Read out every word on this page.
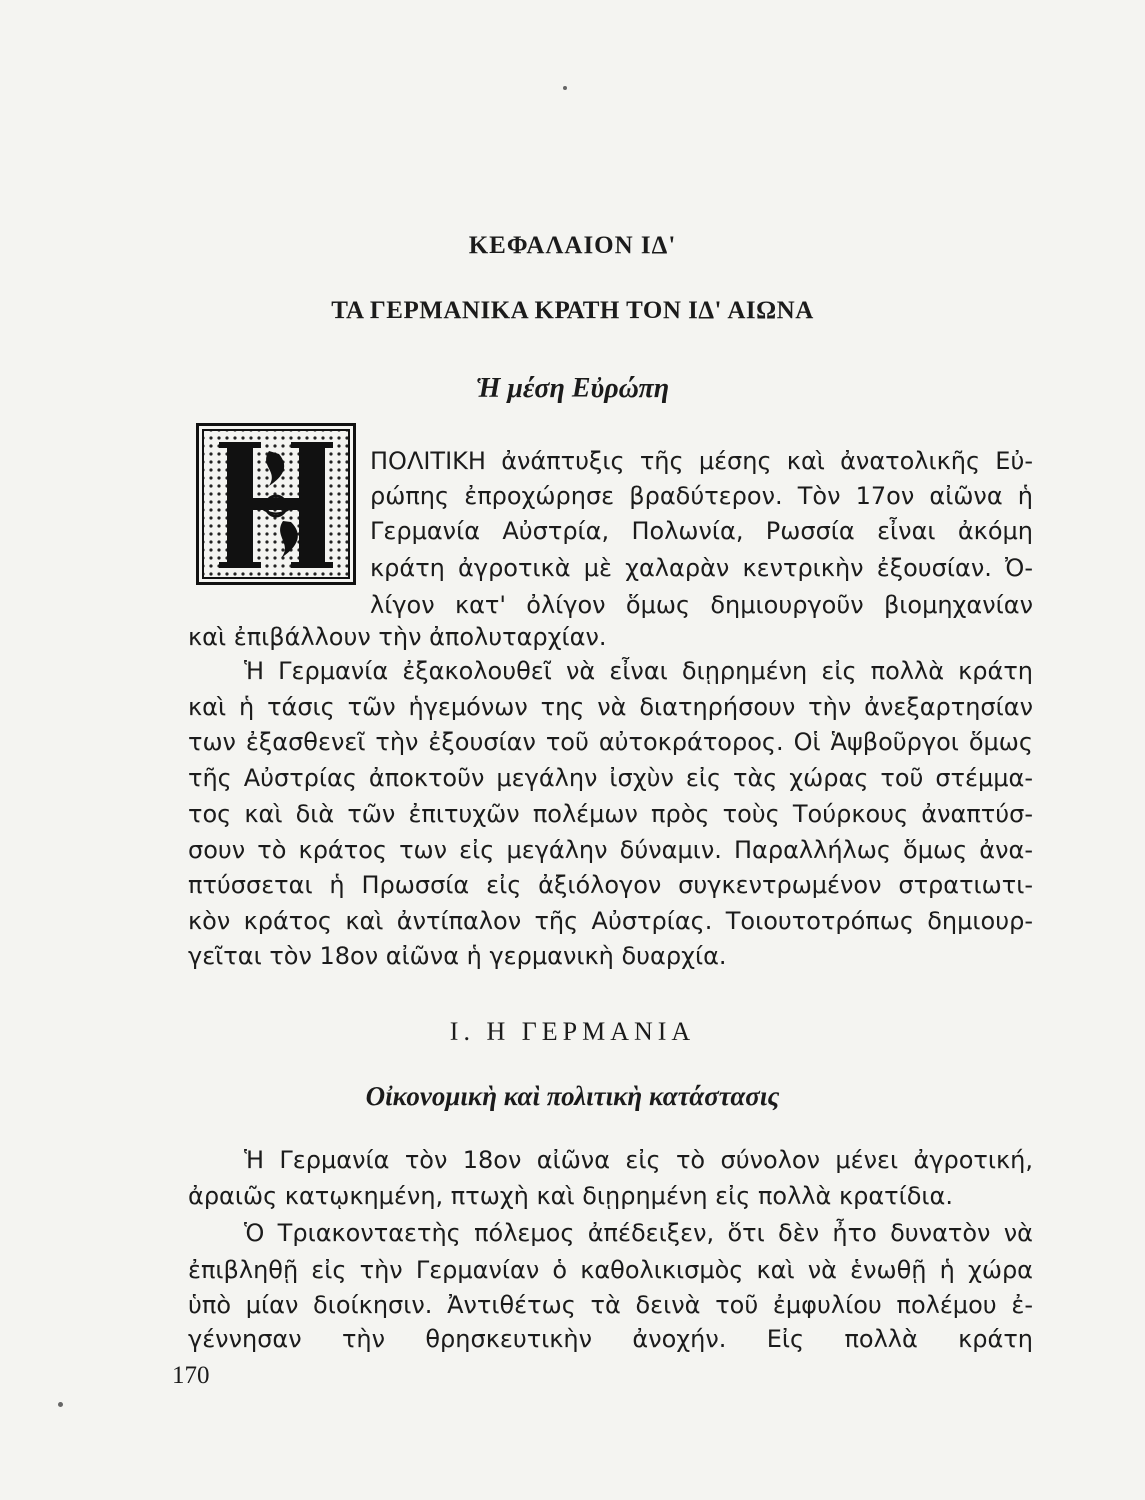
ΚΕΦΑΛΑΙΟΝ ΙΔ'
ΤΑ ΓΕΡΜΑΝΙΚΑ ΚΡΑΤΗ ΤΟΝ ΙΔ' ΑΙΩΝΑ
Ἡ μέση Εὐρώπη
Η
ΠΟΛΙΤΙΚΗ ἀνάπτυξις τῆς μέσης καὶ ἀνατολικῆς Εὐ-
ρώπης ἐπροχώρησε βραδύτερον. Τὸν 17ον αἰῶνα ἡ
Γερμανία Αὐστρία, Πολωνία, Ρωσσία εἶναι ἀκόμη
κράτη ἀγροτικὰ μὲ χαλαρὰν κεντρικὴν ἐξουσίαν. Ὀ-
λίγον κατ' ὀλίγον ὅμως δημιουργοῦν βιομηχανίαν
καὶ ἐπιβάλλουν τὴν ἀπολυταρχίαν.
Ἡ Γερμανία ἐξακολουθεῖ νὰ εἶναι διῃρημένη εἰς πολλὰ κράτη
καὶ ἡ τάσις τῶν ἡγεμόνων της νὰ διατηρήσουν τὴν ἀνεξαρτησίαν
των ἐξασθενεῖ τὴν ἐξουσίαν τοῦ αὐτοκράτορος. Οἱ Ἁψβοῦργοι ὅμως
τῆς Αὐστρίας ἀποκτοῦν μεγάλην ἰσχὺν εἰς τὰς χώρας τοῦ στέμμα-
τος καὶ διὰ τῶν ἐπιτυχῶν πολέμων πρὸς τοὺς Τούρκους ἀναπτύσ-
σουν τὸ κράτος των εἰς μεγάλην δύναμιν. Παραλλήλως ὅμως ἀνα-
πτύσσεται ἡ Πρωσσία εἰς ἀξιόλογον συγκεντρωμένον στρατιωτι-
κὸν κράτος καὶ ἀντίπαλον τῆς Αὐστρίας. Τοιουτοτρόπως δημιουρ-
γεῖται τὸν 18ον αἰῶνα ἡ γερμανικὴ δυαρχία.
Ι. Η ΓΕΡΜΑΝΙΑ
Οἰκονομικὴ καὶ πολιτικὴ κατάστασις
Ἡ Γερμανία τὸν 18ον αἰῶνα εἰς τὸ σύνολον μένει ἀγροτική,
ἀραιῶς κατῳκημένη, πτωχὴ καὶ διῃρημένη εἰς πολλὰ κρατίδια.
Ὁ Τριακονταετὴς πόλεμος ἀπέδειξεν, ὅτι δὲν ἦτο δυνατὸν νὰ
ἐπιβληθῇ εἰς τὴν Γερμανίαν ὁ καθολικισμὸς καὶ νὰ ἑνωθῇ ἡ χώρα
ὑπὸ μίαν διοίκησιν. Ἀντιθέτως τὰ δεινὰ τοῦ ἐμφυλίου πολέμου ἐ-
γέννησαν τὴν θρησκευτικὴν ἀνοχήν. Εἰς πολλὰ κράτη
170
